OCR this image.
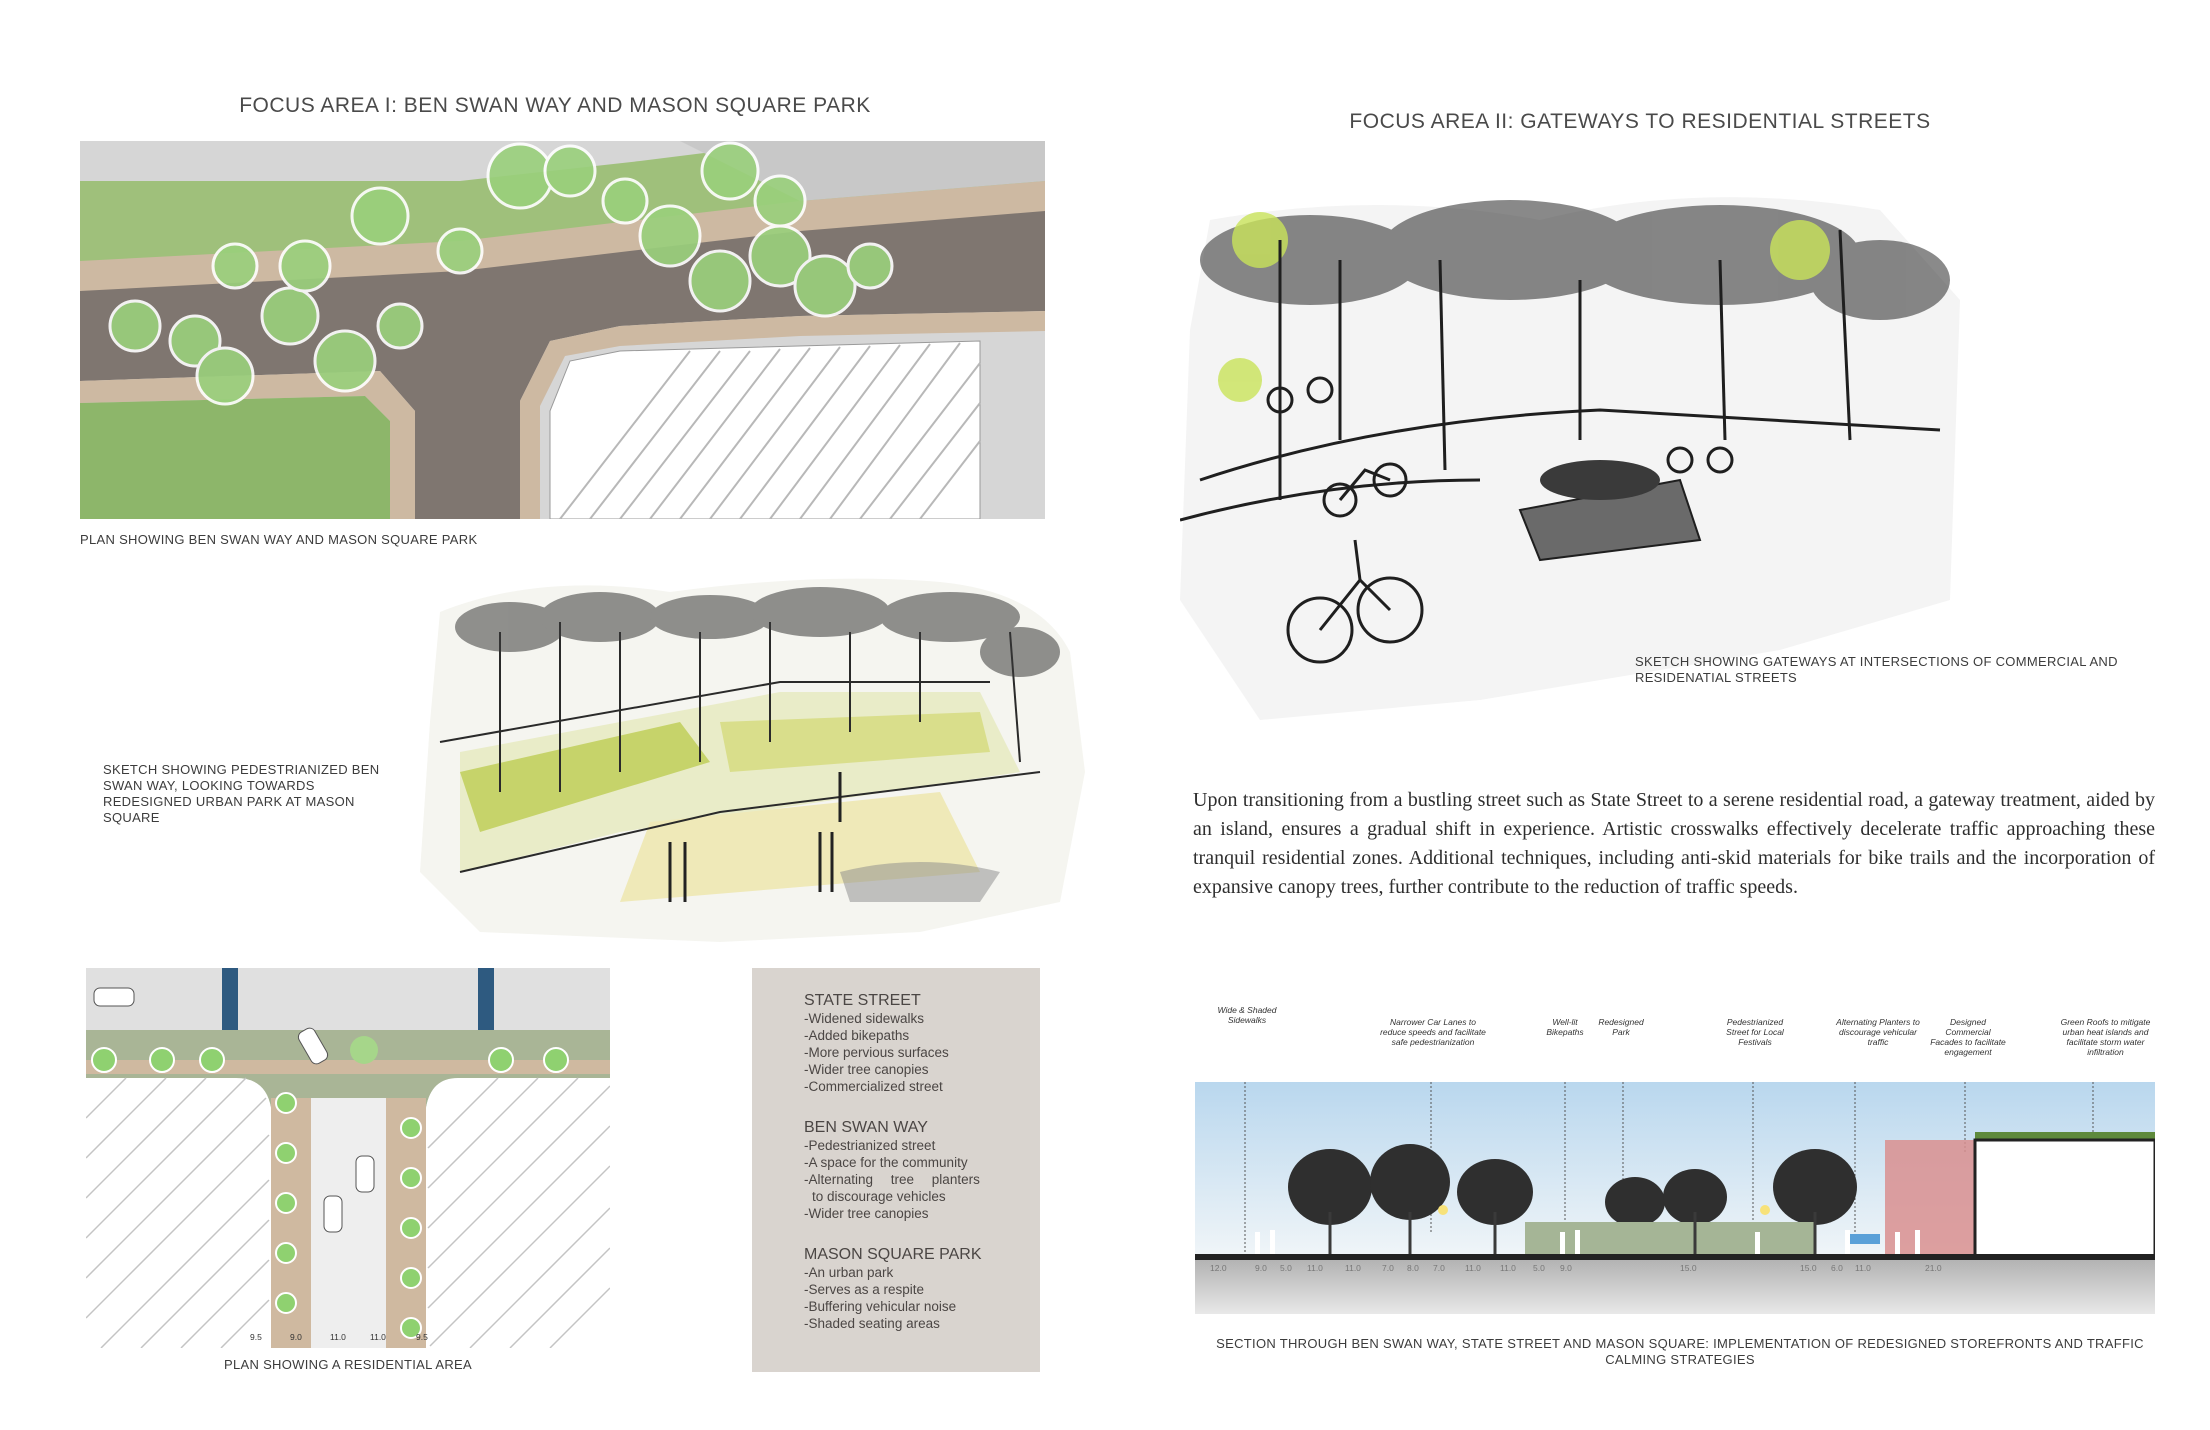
FOCUS AREA I: BEN SWAN WAY AND MASON SQUARE PARK
PLAN SHOWING BEN SWAN WAY AND MASON SQUARE PARK
SKETCH SHOWING PEDESTRIANIZED BEN SWAN WAY, LOOKING TOWARDS REDESIGNED URBAN PARK AT MASON SQUARE
9.5	9.0	11.0	11.0	9.5
PLAN SHOWING A RESIDENTIAL AREA
STATE STREET
-Widened sidewalks
-Added bikepaths
-More pervious surfaces
-Wider tree canopies
-Commercialized street
BEN SWAN WAY
-Pedestrianized street
-A space for the community
-Alternating tree planters
to discourage vehicles
-Wider tree canopies
MASON SQUARE PARK
-An urban park
-Serves as a respite
-Buffering vehicular noise
-Shaded seating areas
FOCUS AREA II: GATEWAYS TO RESIDENTIAL STREETS
SKETCH SHOWING GATEWAYS AT INTERSECTIONS OF COMMERCIAL AND RESIDENATIAL STREETS
Upon transitioning from a bustling street such as State Street to a serene residential road, a gateway treatment, aided by an island, ensures a gradual shift in experience. Artistic crosswalks effectively decelerate traffic approaching these tranquil residential zones. Additional techniques, including anti-skid materials for bike trails and the incorporation of expansive canopy trees, further contribute to the reduction of traffic speeds.
Wide & Shaded Sidewalks	Narrower Car Lanes to reduce speeds and facilitate safe pedestrianization
Well-lit Bikepaths
Redesigned Park
Pedestrianized Street for Local Festivals
Alternating Planters to discourage vehicular traffic
Designed Commercial Facades to facilitate engagement
Green Roofs to mitigate urban heat islands and facilitate storm water infiltration
12.0	9.0 5.0 11.0	11.0 7.0 8.0 7.0 11.0 11.0 5.0 9.0	15.0	15.0 6.0 11.0	21.0
SECTION THROUGH BEN SWAN WAY, STATE STREET AND MASON SQUARE: IMPLEMENTATION OF REDESIGNED STOREFRONTS AND TRAFFIC CALMING STRATEGIES
